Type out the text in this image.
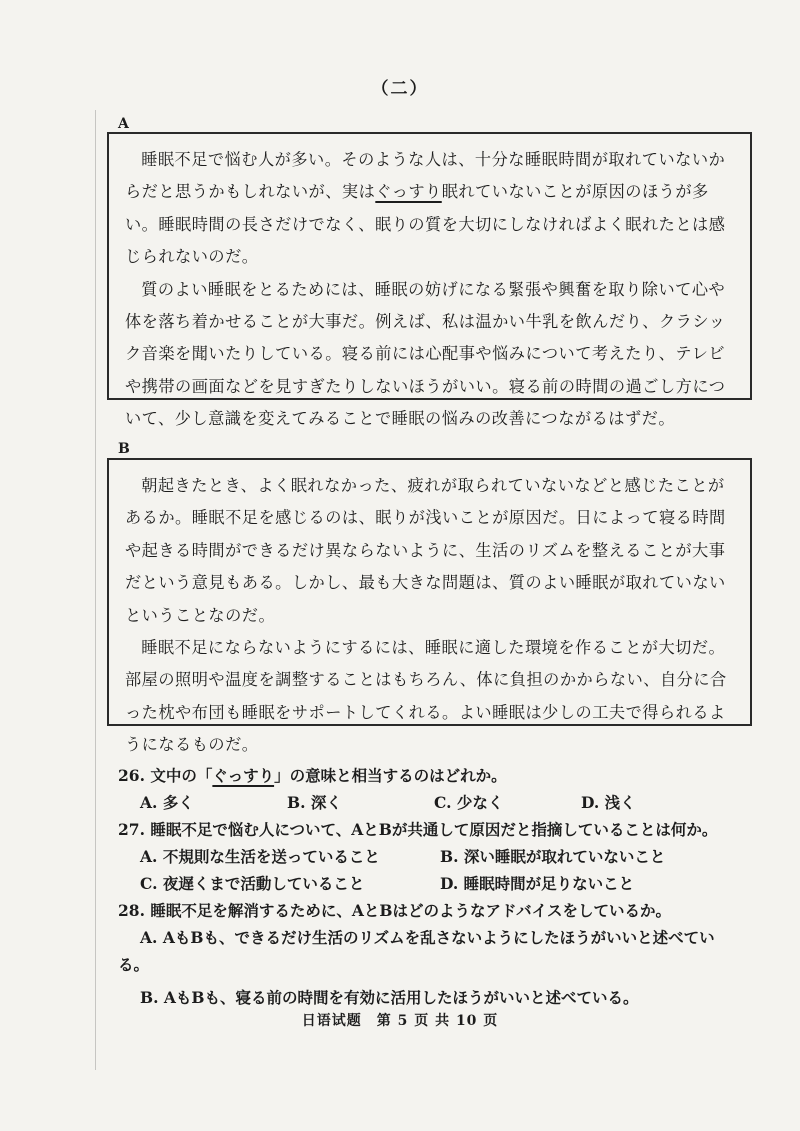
（二）
A

睡眠不足で悩む人が多い。そのような人は、十分な睡眠時間が取れていないからだと思うかもしれないが、実はぐっすり眠れていないことが原因のほうが多い。睡眠時間の長さだけでなく、眠りの質を大切にしなければよく眠れたとは感じられないのだ。

質のよい睡眠をとるためには、睡眠の妨げになる緊張や興奮を取り除いて心や体を落ち着かせることが大事だ。例えば、私は温かい牛乳を飲んだり、クラシック音楽を聞いたりしている。寝る前には心配事や悩みについて考えたり、テレビや携帯の画面などを見すぎたりしないほうがいい。寝る前の時間の過ごし方について、少し意識を変えてみることで睡眠の悩みの改善につながるはずだ。

B

朝起きたとき、よく眠れなかった、疲れが取られていないなどと感じたことがあるか。睡眠不足を感じるのは、眠りが浅いことが原因だ。日によって寝る時間や起きる時間ができるだけ異ならないように、生活のリズムを整えることが大事だという意見もある。しかし、最も大きな問題は、質のよい睡眠が取れていないということなのだ。

睡眠不足にならないようにするには、睡眠に適した環境を作ることが大切だ。部屋の照明や温度を調整することはもちろん、体に負担のかからない、自分に合った枕や布団も睡眠をサポートしてくれる。よい睡眠は少しの工夫で得られるようになるものだ。

26. 文中の「ぐっすり」の意味と相当するのはどれか。

A. 多く	B. 深く	C. 少なく	D. 浅く

27. 睡眠不足で悩む人について、AとBが共通して原因だと指摘していることは何か。

A. 不規則な生活を送っていること	B. 深い睡眠が取れていないこと
C. 夜遅くまで活動していること	D. 睡眠時間が足りないこと

28. 睡眠不足を解消するために、AとBはどのようなアドバイスをしているか。

A. AもBも、できるだけ生活のリズムを乱さないようにしたほうがいいと述べてい

る。

B. AもBも、寝る前の時間を有効に活用したほうがいいと述べている。

日语试题　第 5 页 共 10 页
